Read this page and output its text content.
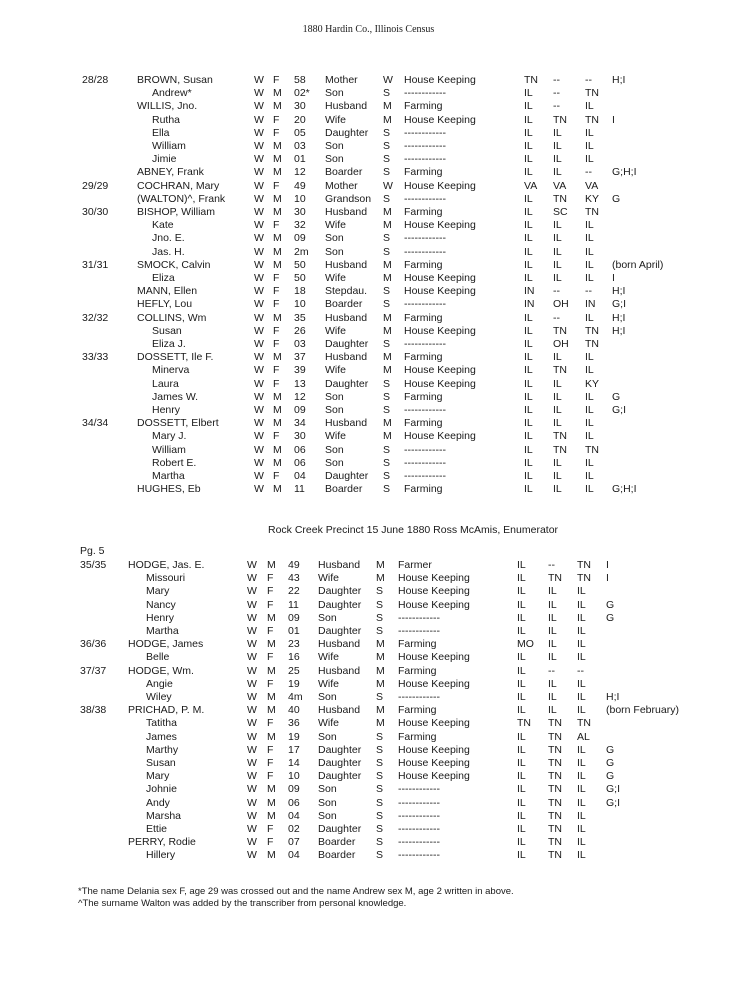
1880 Hardin Co., Illinois Census
28/28	BROWN, Susan	W F 58 Mother W House Keeping	TN -- -- H;I
Andrew*	W M 02* Son	S ------------	IL -- TN
WILLIS, Jno.	W M 30 Husband M Farming	IL -- IL
Rutha	W F 20 Wife	M House Keeping	IL TN TN I
Ella	W F 05 Daughter S ------------	IL IL IL
William	W M 03 Son	S ------------	IL IL IL
Jimie	W M 01 Son	S ------------	IL IL IL
ABNEY, Frank	W M 12 Boarder S Farming	IL IL -- G;H;I
29/29	COCHRAN, Mary	W F 49 Mother W House Keeping	VA VA VA
(WALTON)^, Frank	W M 10 Grandson S ------------	IL TN KY G
30/30	BISHOP, William	W M 30 Husband M Farming	IL SC TN
Kate	W F 32 Wife	M House Keeping	IL IL IL
Jno. E.	W M 09 Son	S ------------	IL IL IL
Jas. H.	W M 2m Son	S ------------	IL IL IL
31/31	SMOCK, Calvin	W M 50 Husband M Farming	IL IL IL (born April)
Eliza	W F 50 Wife	M House Keeping	IL IL IL I
MANN, Ellen	W F 18 Stepdau. S House Keeping	IN -- -- H;I
HEFLY, Lou	W F 10 Boarder S ------------	IN OH IN G;I
32/32	COLLINS, Wm	W M 35 Husband M Farming	IL -- IL H;I
Susan	W F 26 Wife	M House Keeping	IL TN TN H;I
Eliza J.	W F 03 Daughter S ------------	IL OH TN
33/33	DOSSETT, Ile F.	W M 37 Husband M Farming	IL IL IL
Minerva	W F 39 Wife	M House Keeping	IL TN IL
Laura	W F 13 Daughter S House Keeping	IL IL KY
James W.	W M 12 Son	S Farming	IL IL IL G
Henry	W M 09 Son	S ------------	IL IL IL G;I
34/34	DOSSETT, Elbert	W M 34 Husband M Farming	IL IL IL
Mary J.	W F 30 Wife	M House Keeping	IL TN IL
William	W M 06 Son	S ------------	IL TN TN
Robert E.	W M 06 Son	S ------------	IL IL IL
Martha	W F 04 Daughter S ------------	IL IL IL
HUGHES, Eb	W M 11 Boarder S Farming	IL IL IL G;H;I
35/35 HODGE, Jas. E.	W M 49 Husband M Farmer	IL -- TN I
Missouri	W F 43 Wife	M House Keeping	IL TN TN I
Mary	W F 22 Daughter S House Keeping	IL IL IL
Nancy	W F 11 Daughter S House Keeping	IL IL IL G
Henry	W M 09 Son	S ------------	IL IL IL G
Martha	W F 01 Daughter S ------------	IL IL IL
36/36 HODGE, James	W M 23 Husband M Farming	MO IL IL
Belle	W F 16 Wife	M House Keeping	IL IL IL
37/37 HODGE, Wm.	W M 25 Husband M Farming	IL -- --
Angie	W F 19 Wife	M House Keeping	IL IL IL
Wiley	W M 4m Son	S ------------	IL IL IL H;I
38/38 PRICHAD, P. M.	W M 40 Husband M Farming	IL IL IL (born February)
Tatitha	W F 36 Wife	M House Keeping	TN TN TN
James	W M 19 Son	S Farming	IL TN AL
Marthy	W F 17 Daughter S House Keeping	IL TN IL G
Susan	W F 14 Daughter S House Keeping	IL TN IL G
Mary	W F 10 Daughter S House Keeping	IL TN IL G
Johnie	W M 09 Son	S ------------	IL TN IL G;I
Andy	W M 06 Son	S ------------	IL TN IL G;I
Marsha	W M 04 Son	S ------------	IL TN IL
Ettie	W F 02 Daughter S ------------	IL TN IL
PERRY, Rodie	W F 07 Boarder S ------------	IL TN IL
Hillery	W M 04 Boarder S ------------	IL TN IL
Rock Creek Precinct 15 June 1880 Ross McAmis, Enumerator
Pg. 5
*The name Delania sex F, age 29 was crossed out and the name Andrew sex M, age 2 written in above.
^The surname Walton was added by the transcriber from personal knowledge.
